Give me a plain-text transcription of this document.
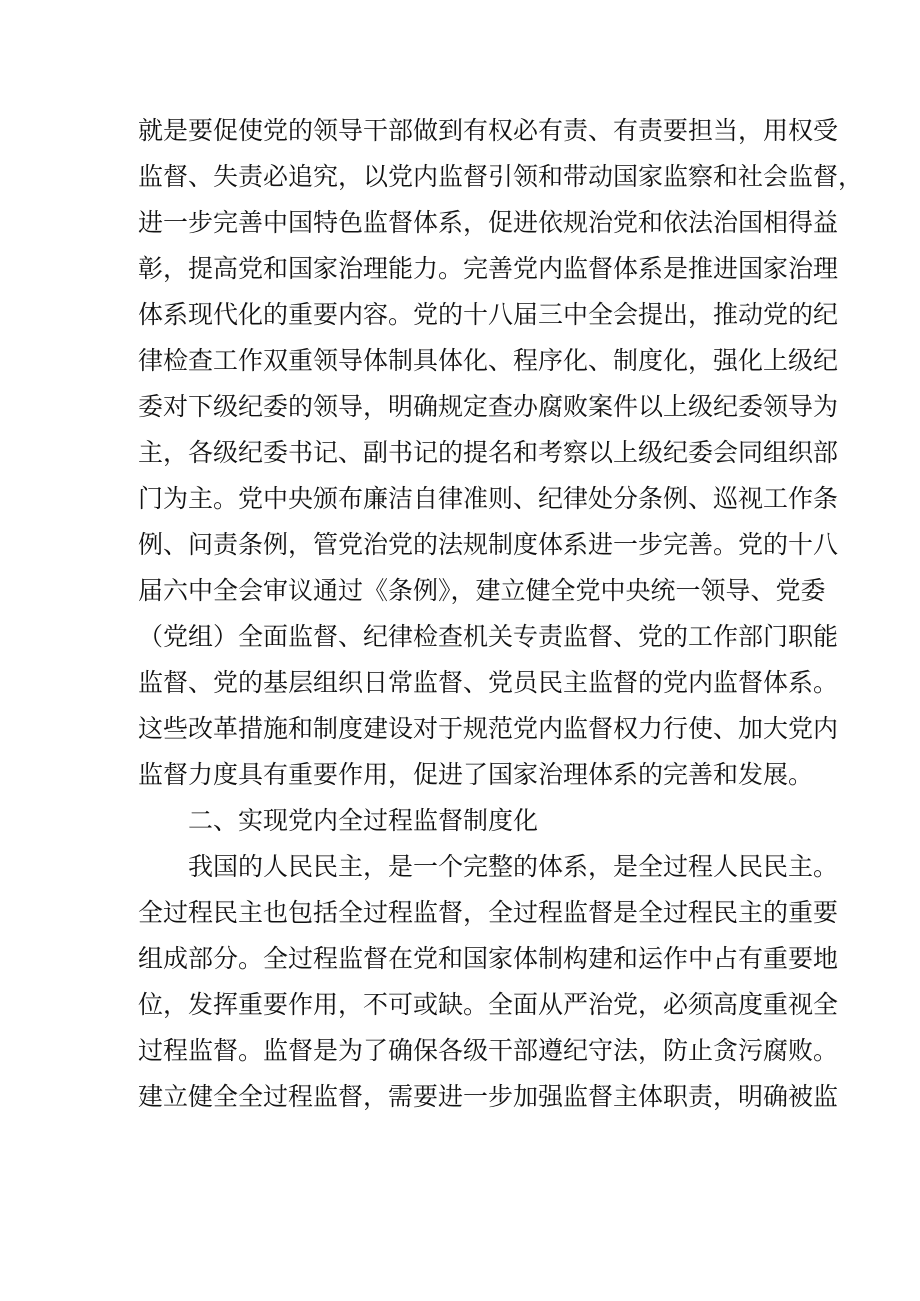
就是要促使党的领导干部做到有权必有责、有责要担当，用权受
监督、失责必追究，以党内监督引领和带动国家监察和社会监督，
进一步完善中国特色监督体系，促进依规治党和依法治国相得益
彰，提高党和国家治理能力。完善党内监督体系是推进国家治理
体系现代化的重要内容。党的十八届三中全会提出，推动党的纪
律检查工作双重领导体制具体化、程序化、制度化，强化上级纪
委对下级纪委的领导，明确规定查办腐败案件以上级纪委领导为
主，各级纪委书记、副书记的提名和考察以上级纪委会同组织部
门为主。党中央颁布廉洁自律准则、纪律处分条例、巡视工作条
例、问责条例，管党治党的法规制度体系进一步完善。党的十八
届六中全会审议通过《条例》，建立健全党中央统一领导、党委
（党组）全面监督、纪律检查机关专责监督、党的工作部门职能
监督、党的基层组织日常监督、党员民主监督的党内监督体系。
这些改革措施和制度建设对于规范党内监督权力行使、加大党内
监督力度具有重要作用，促进了国家治理体系的完善和发展。
二、实现党内全过程监督制度化
我国的人民民主，是一个完整的体系，是全过程人民民主。
全过程民主也包括全过程监督，全过程监督是全过程民主的重要
组成部分。全过程监督在党和国家体制构建和运作中占有重要地
位，发挥重要作用，不可或缺。全面从严治党，必须高度重视全
过程监督。监督是为了确保各级干部遵纪守法，防止贪污腐败。
建立健全全过程监督，需要进一步加强监督主体职责，明确被监
